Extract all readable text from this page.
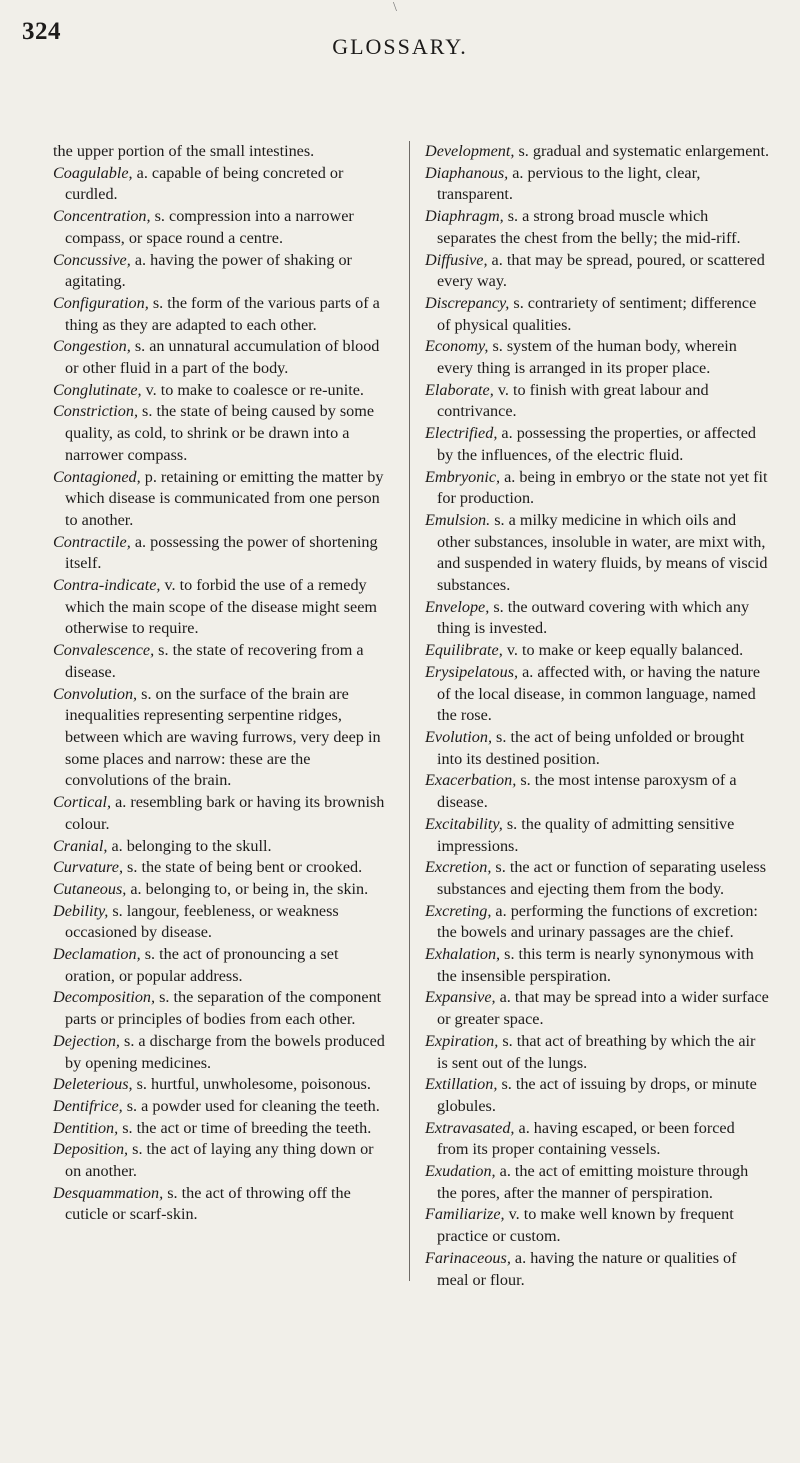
\
324
GLOSSARY.

the upper portion of the small intestines.

Coagulable, a. capable of being concreted or curdled.

Concentration, s. compression into a narrower compass, or space round a centre.

Concussive, a. having the power of shaking or agitating.

Configuration, s. the form of the various parts of a thing as they are adapted to each other.

Congestion, s. an unnatural accumulation of blood or other fluid in a part of the body.

Conglutinate, v. to make to coalesce or re-unite.

Constriction, s. the state of being caused by some quality, as cold, to shrink or be drawn into a narrower compass.

Contagioned, p. retaining or emitting the matter by which disease is communicated from one person to another.

Contractile, a. possessing the power of shortening itself.

Contra-indicate, v. to forbid the use of a remedy which the main scope of the disease might seem otherwise to require.

Convalescence, s. the state of recovering from a disease.

Convolution, s. on the surface of the brain are inequalities representing serpentine ridges, between which are waving furrows, very deep in some places and narrow: these are the convolutions of the brain.

Cortical, a. resembling bark or having its brownish colour.

Cranial, a. belonging to the skull.

Curvature, s. the state of being bent or crooked.

Cutaneous, a. belonging to, or being in, the skin.

Debility, s. langour, feebleness, or weakness occasioned by disease.

Declamation, s. the act of pronouncing a set oration, or popular address.

Decomposition, s. the separation of the component parts or principles of bodies from each other.

Dejection, s. a discharge from the bowels produced by opening medicines.

Deleterious, s. hurtful, unwholesome, poisonous.

Dentifrice, s. a powder used for cleaning the teeth.

Dentition, s. the act or time of breeding the teeth.

Deposition, s. the act of laying any thing down or on another.

Desquammation, s. the act of throwing off the cuticle or scarf-skin.

Development, s. gradual and systematic enlargement.

Diaphanous, a. pervious to the light, clear, transparent.

Diaphragm, s. a strong broad muscle which separates the chest from the belly; the mid-riff.

Diffusive, a. that may be spread, poured, or scattered every way.

Discrepancy, s. contrariety of sentiment; difference of physical qualities.

Economy, s. system of the human body, wherein every thing is arranged in its proper place.

Elaborate, v. to finish with great labour and contrivance.

Electrified, a. possessing the properties, or affected by the influences, of the electric fluid.

Embryonic, a. being in embryo or the state not yet fit for production.

Emulsion. s. a milky medicine in which oils and other substances, insoluble in water, are mixt with, and suspended in watery fluids, by means of viscid substances.

Envelope, s. the outward covering with which any thing is invested.

Equilibrate, v. to make or keep equally balanced.

Erysipelatous, a. affected with, or having the nature of the local disease, in common language, named the rose.

Evolution, s. the act of being unfolded or brought into its destined position.

Exacerbation, s. the most intense paroxysm of a disease.

Excitability, s. the quality of admitting sensitive impressions.

Excretion, s. the act or function of separating useless substances and ejecting them from the body.

Excreting, a. performing the functions of excretion: the bowels and urinary passages are the chief.

Exhalation, s. this term is nearly synonymous with the insensible perspiration.

Expansive, a. that may be spread into a wider surface or greater space.

Expiration, s. that act of breathing by which the air is sent out of the lungs.

Extillation, s. the act of issuing by drops, or minute globules.

Extravasated, a. having escaped, or been forced from its proper containing vessels.

Exudation, a. the act of emitting moisture through the pores, after the manner of perspiration.

Familiarize, v. to make well known by frequent practice or custom.

Farinaceous, a. having the nature or qualities of meal or flour.
